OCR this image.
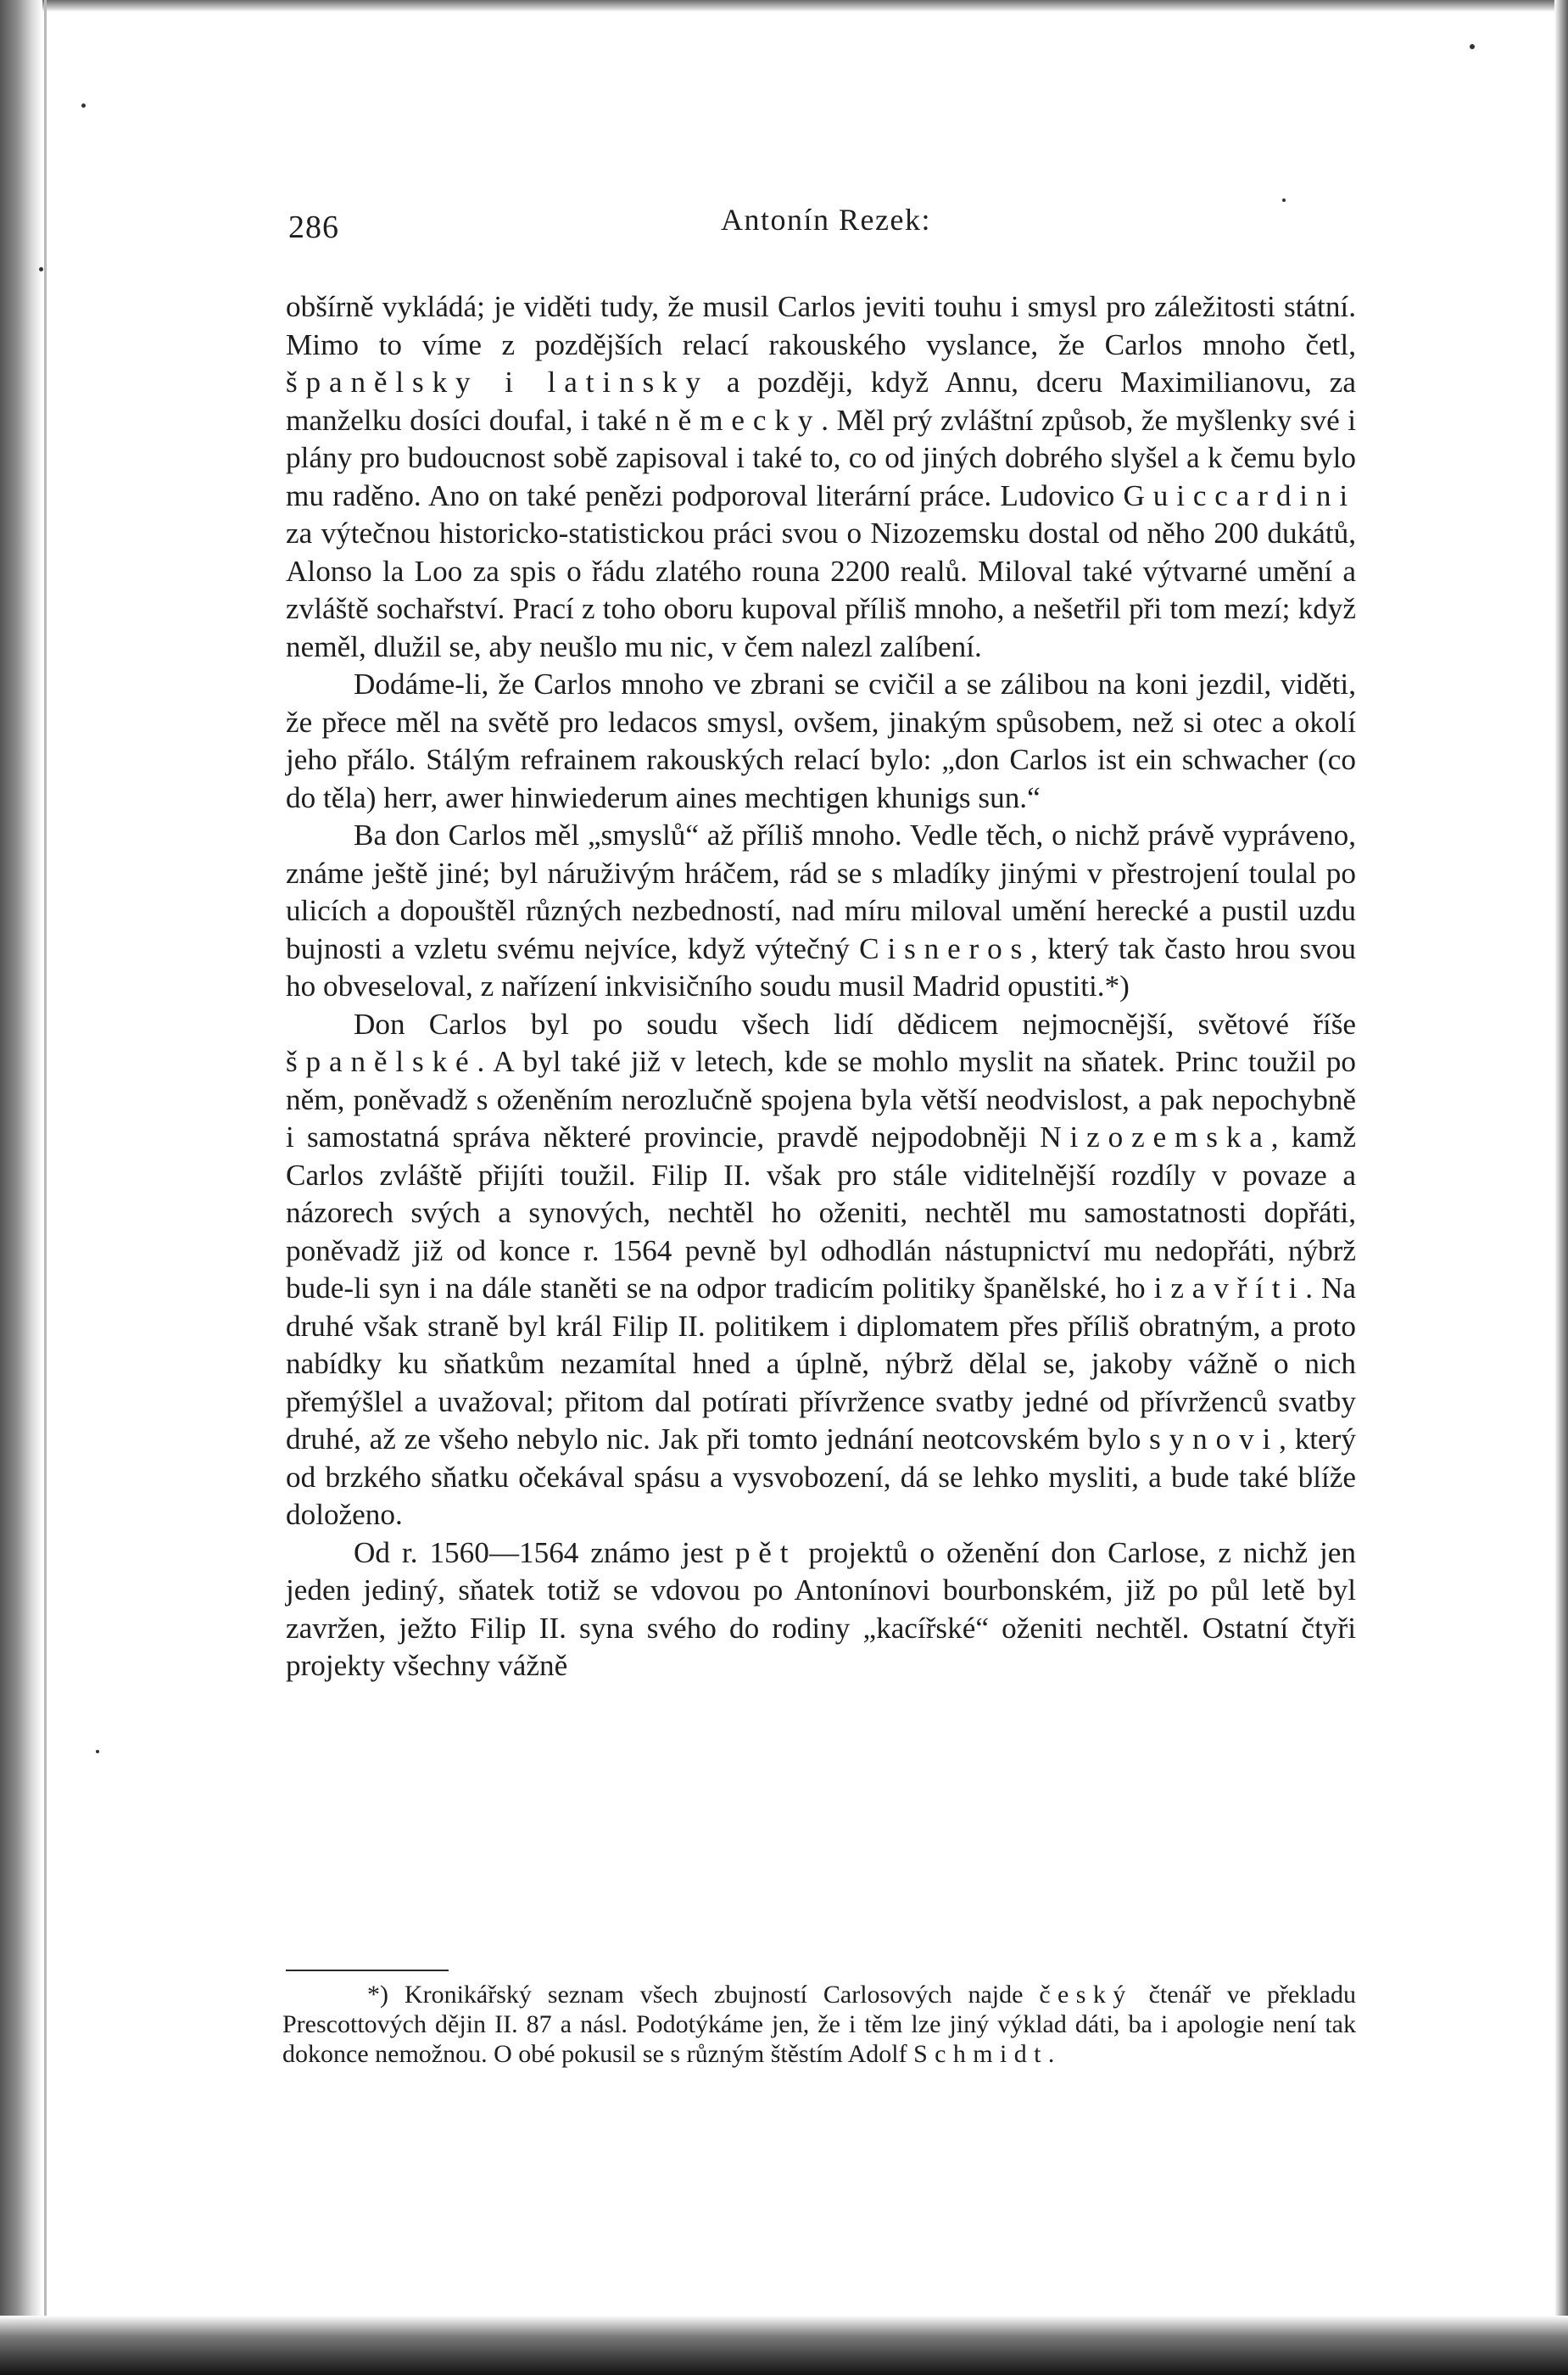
286	Antonín Rezek:

obšírně vykládá; je viděti tudy, že musil Carlos jeviti touhu i smysl pro záležitosti státní. Mimo to víme z pozdějších relací rakouského vyslance, že Carlos mnoho četl, španělsky i latinsky a později, když Annu, dceru Maximilianovu, za manželku dosíci doufal, i také německy. Měl prý zvláštní způsob, že myšlenky své i plány pro budoucnost sobě zapisoval i také to, co od jiných dobrého slyšel a k čemu bylo mu raděno. Ano on také penězi podporoval literární práce. Ludovico Guiccardini za výtečnou historicko-statistickou práci svou o Nizozemsku dostal od něho 200 dukátů, Alonso la Loo za spis o řádu zlatého rouna 2200 realů. Miloval také výtvarné umění a zvláště sochařství. Prací z toho oboru kupoval příliš mnoho, a nešetřil při tom mezí; když neměl, dlužil se, aby neušlo mu nic, v čem nalezl zalíbení.

Dodáme-li, že Carlos mnoho ve zbrani se cvičil a se zálibou na koni jezdil, viděti, že přece měl na světě pro ledacos smysl, ovšem, jinakým spůsobem, než si otec a okolí jeho přálo. Stálým refrainem rakouských relací bylo: „don Carlos ist ein schwacher (co do těla) herr, awer hinwiederum aines mechtigen khunigs sun.“

Ba don Carlos měl „smyslů“ až příliš mnoho. Vedle těch, o nichž právě vypráveno, známe ještě jiné; byl náruživým hráčem, rád se s mladíky jinými v přestrojení toulal po ulicích a dopouštěl různých nezbedností, nad míru miloval umění herecké a pustil uzdu bujnosti a vzletu svému nejvíce, když výtečný Cisneros, který tak často hrou svou ho obveseloval, z nařízení inkvisičního soudu musil Madrid opustiti.*)

Don Carlos byl po soudu všech lidí dědicem nejmocnější, světové říše španělské. A byl také již v letech, kde se mohlo myslit na sňatek. Princ toužil po něm, poněvadž s oženěním nerozlučně spojena byla větší neodvislost, a pak nepochybně i samostatná správa některé provincie, pravdě nejpodobněji Nizozemska, kamž Carlos zvláště přijíti toužil. Filip II. však pro stále viditelnější rozdíly v povaze a názorech svých a synových, nechtěl ho oženiti, nechtěl mu samostatnosti dopřáti, poněvadž již od konce r. 1564 pevně byl odhodlán nástupnictví mu nedopřáti, nýbrž bude-li syn i na dále staněti se na odpor tradicím politiky španělské, ho i zavříti. Na druhé však straně byl král Filip II. politikem i diplomatem přes příliš obratným, a proto nabídky ku sňatkům nezamítal hned a úplně, nýbrž dělal se, jakoby vážně o nich přemýšlel a uvažoval; přitom dal potírati přívržence svatby jedné od přívrženců svatby druhé, až ze všeho nebylo nic. Jak při tomto jednání neotcovském bylo synovi, který od brzkého sňatku očekával spásu a vysvobození, dá se lehko mysliti, a bude také blíže doloženo.

Od r. 1560—1564 známo jest pět projektů o oženění don Carlose, z nichž jen jeden jediný, sňatek totiž se vdovou po Antonínovi bourbonském, již po půl letě byl zavržen, ježto Filip II. syna svého do rodiny „kacířské“ oženiti nechtěl. Ostatní čtyři projekty všechny vážně

*) Kronikářský seznam všech zbujností Carlosových najde český čtenář ve překladu Prescottových dějin II. 87 a násl. Podotýkáme jen, že i těm lze jiný výklad dáti, ba i apologie není tak dokonce nemožnou. O obé pokusil se s různým štěstím Adolf Schmidt.
